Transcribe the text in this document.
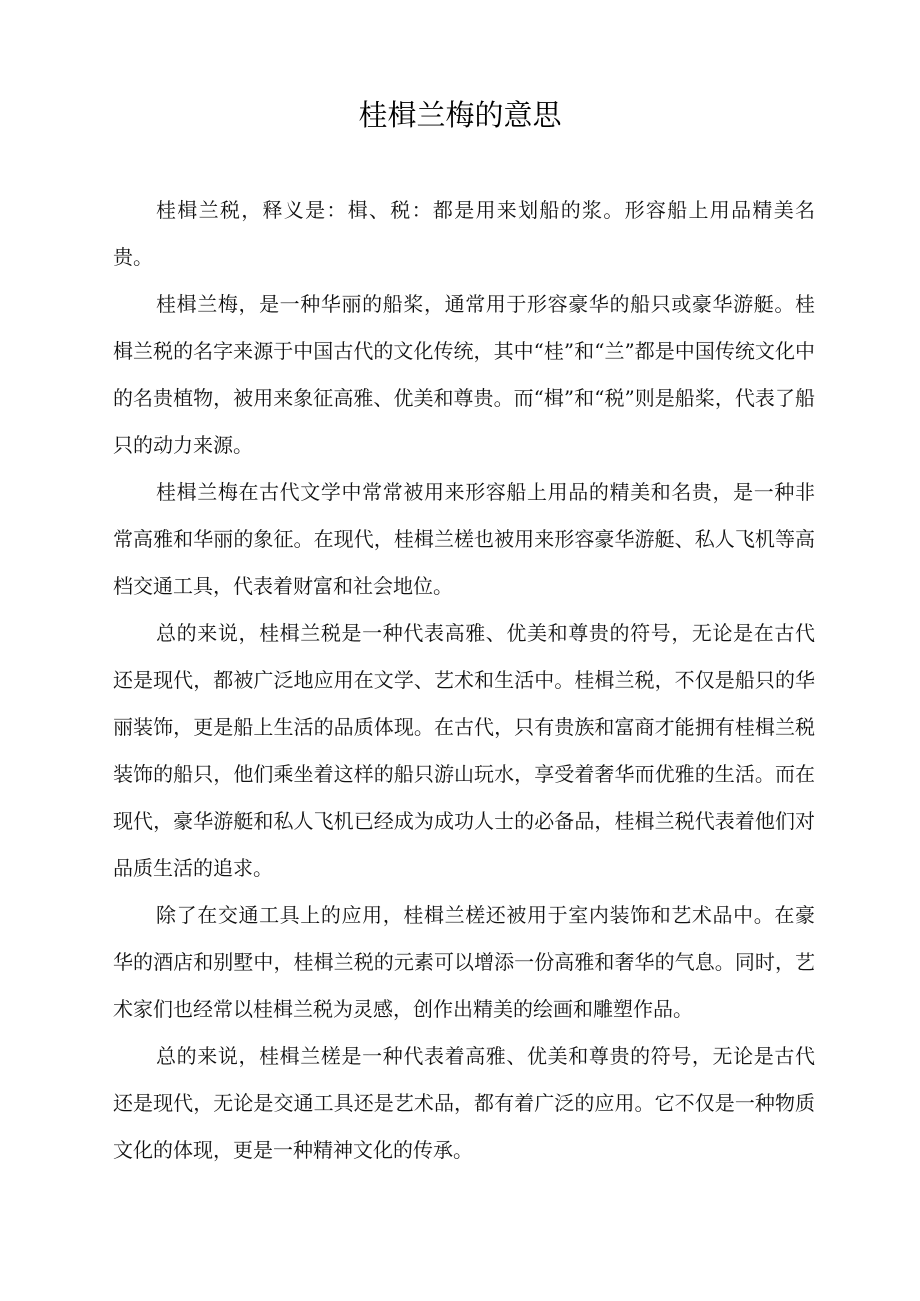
桂楫兰梅的意思

桂楫兰税，释义是：楫、税：都是用来划船的浆。形容船上用品精美名贵。

桂楫兰梅，是一种华丽的船桨，通常用于形容豪华的船只或豪华游艇。桂楫兰税的名字来源于中国古代的文化传统，其中“桂”和“兰”都是中国传统文化中的名贵植物，被用来象征高雅、优美和尊贵。而“楫”和“税”则是船桨，代表了船只的动力来源。

桂楫兰梅在古代文学中常常被用来形容船上用品的精美和名贵，是一种非常高雅和华丽的象征。在现代，桂楫兰槎也被用来形容豪华游艇、私人飞机等高档交通工具，代表着财富和社会地位。

总的来说，桂楫兰税是一种代表高雅、优美和尊贵的符号，无论是在古代还是现代，都被广泛地应用在文学、艺术和生活中。桂楫兰税，不仅是船只的华丽装饰，更是船上生活的品质体现。在古代，只有贵族和富商才能拥有桂楫兰税装饰的船只，他们乘坐着这样的船只游山玩水，享受着奢华而优雅的生活。而在现代，豪华游艇和私人飞机已经成为成功人士的必备品，桂楫兰税代表着他们对品质生活的追求。

除了在交通工具上的应用，桂楫兰槎还被用于室内装饰和艺术品中。在豪华的酒店和别墅中，桂楫兰税的元素可以增添一份高雅和奢华的气息。同时，艺术家们也经常以桂楫兰税为灵感，创作出精美的绘画和雕塑作品。

总的来说，桂楫兰槎是一种代表着高雅、优美和尊贵的符号，无论是古代还是现代，无论是交通工具还是艺术品，都有着广泛的应用。它不仅是一种物质文化的体现，更是一种精神文化的传承。
